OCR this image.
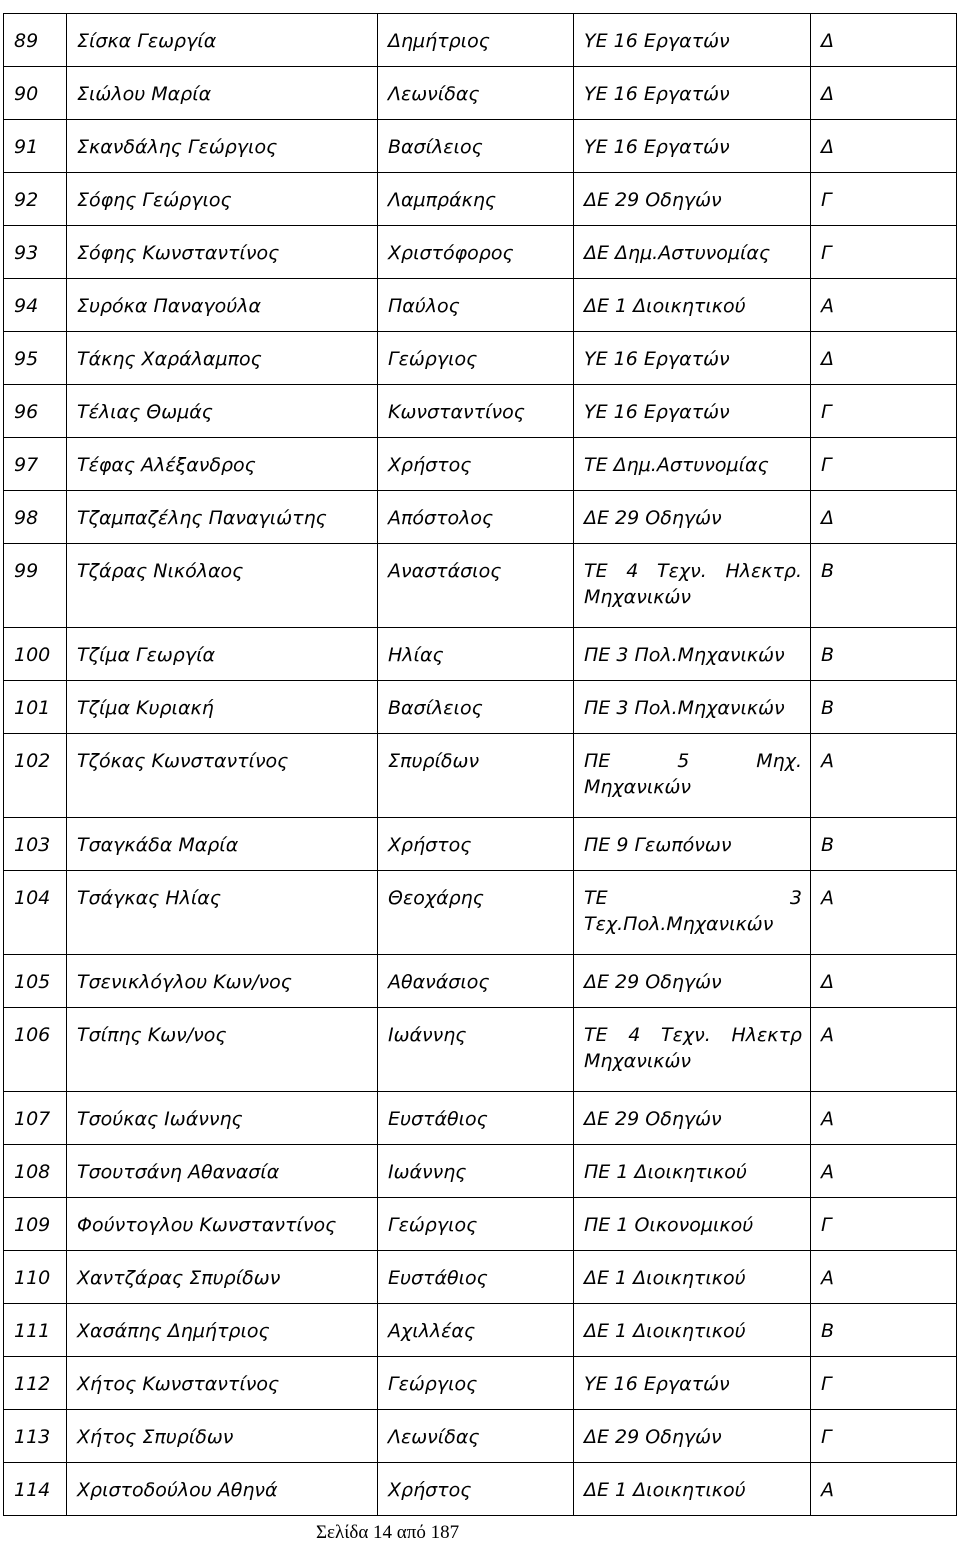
89	Σίσκα Γεωργία	Δημήτριος	ΥΕ 16 Εργατών	Δ

90	Σιώλου Μαρία	Λεωνίδας	ΥΕ 16 Εργατών	Δ

91	Σκανδάλης Γεώργιος	Βασίλειος	ΥΕ 16 Εργατών	Δ

92	Σόφης Γεώργιος	Λαμπράκης	ΔΕ 29 Οδηγών	Γ

93	Σόφης Κωνσταντίνος	Χριστόφορος	ΔΕ Δημ.Αστυνομίας	Γ

94	Συρόκα Παναγούλα	Παύλος	ΔΕ 1 Διοικητικού	Α

95	Τάκης Χαράλαμπος	Γεώργιος	ΥΕ 16 Εργατών	Δ

96	Τέλιας Θωμάς	Κωνσταντίνος	ΥΕ 16 Εργατών	Γ

97	Τέφας Αλέξανδρος	Χρήστος	ΤΕ Δημ.Αστυνομίας	Γ

98	Τζαμπαζέλης Παναγιώτης	Απόστολος	ΔΕ 29 Οδηγών	Δ

99	Τζάρας Νικόλαος	Αναστάσιος	ΤΕ 4 Τεχν. Ηλεκτρ.
Μηχανικών	Β

100	Τζίμα Γεωργία	Ηλίας	ΠΕ 3 Πολ.Μηχανικών	Β

101	Τζίμα Κυριακή	Βασίλειος	ΠΕ 3 Πολ.Μηχανικών	Β

102	Τζόκας Κωνσταντίνος	Σπυρίδων	ΠΕ 5 Μηχ.
Μηχανικών	Α

103	Τσαγκάδα Μαρία	Χρήστος	ΠΕ 9 Γεωπόνων	Β

104	Τσάγκας Ηλίας	Θεοχάρης	ΤΕ 3
Τεχ.Πολ.Μηχανικών	Α

105	Τσενικλόγλου Κων/νος	Αθανάσιος	ΔΕ 29 Οδηγών	Δ

106	Τσίπης Κων/νος	Ιωάννης	ΤΕ 4 Τεχν. Ηλεκτρ
Μηχανικών	Α

107	Τσούκας Ιωάννης	Ευστάθιος	ΔΕ 29 Οδηγών	Α

108	Τσουτσάνη Αθανασία	Ιωάννης	ΠΕ 1 Διοικητικού	Α

109	Φούντογλου Κωνσταντίνος	Γεώργιος	ΠΕ 1 Οικονομικού	Γ

110	Χαντζάρας Σπυρίδων	Ευστάθιος	ΔΕ 1 Διοικητικού	Α

111	Χασάπης Δημήτριος	Αχιλλέας	ΔΕ 1 Διοικητικού	Β

112	Χήτος Κωνσταντίνος	Γεώργιος	ΥΕ 16 Εργατών	Γ

113	Χήτος Σπυρίδων	Λεωνίδας	ΔΕ 29 Οδηγών	Γ

114	Χριστοδούλου Αθηνά	Χρήστος	ΔΕ 1 Διοικητικού	Α
Σελίδα 14 από 187
